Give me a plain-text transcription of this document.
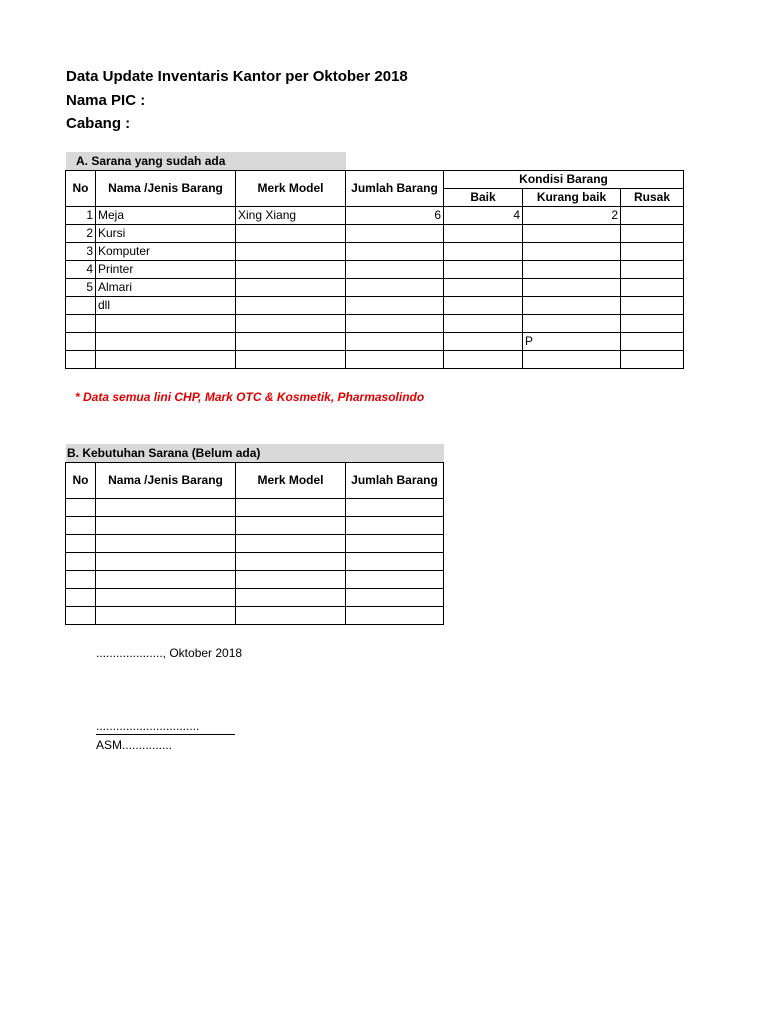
Data Update Inventaris Kantor per Oktober 2018
Nama PIC :
Cabang :
A. Sarana yang sudah ada
No	Nama /Jenis Barang	Merk Model	Jumlah Barang	Kondisi Barang		
				Baik	Kurang baik	Rusak
1	Meja	Xing Xiang	6	4	2	
2	Kursi					
3	Komputer					
4	Printer					
5	Almari					
	dll					

					P	

* Data semua lini CHP, Mark OTC & Kosmetik, Pharmasolindo
B. Kebutuhan Sarana (Belum ada)
No	Nama /Jenis Barang	Merk Model	Jumlah Barang

...................., Oktober 2018
...............................
ASM...............
